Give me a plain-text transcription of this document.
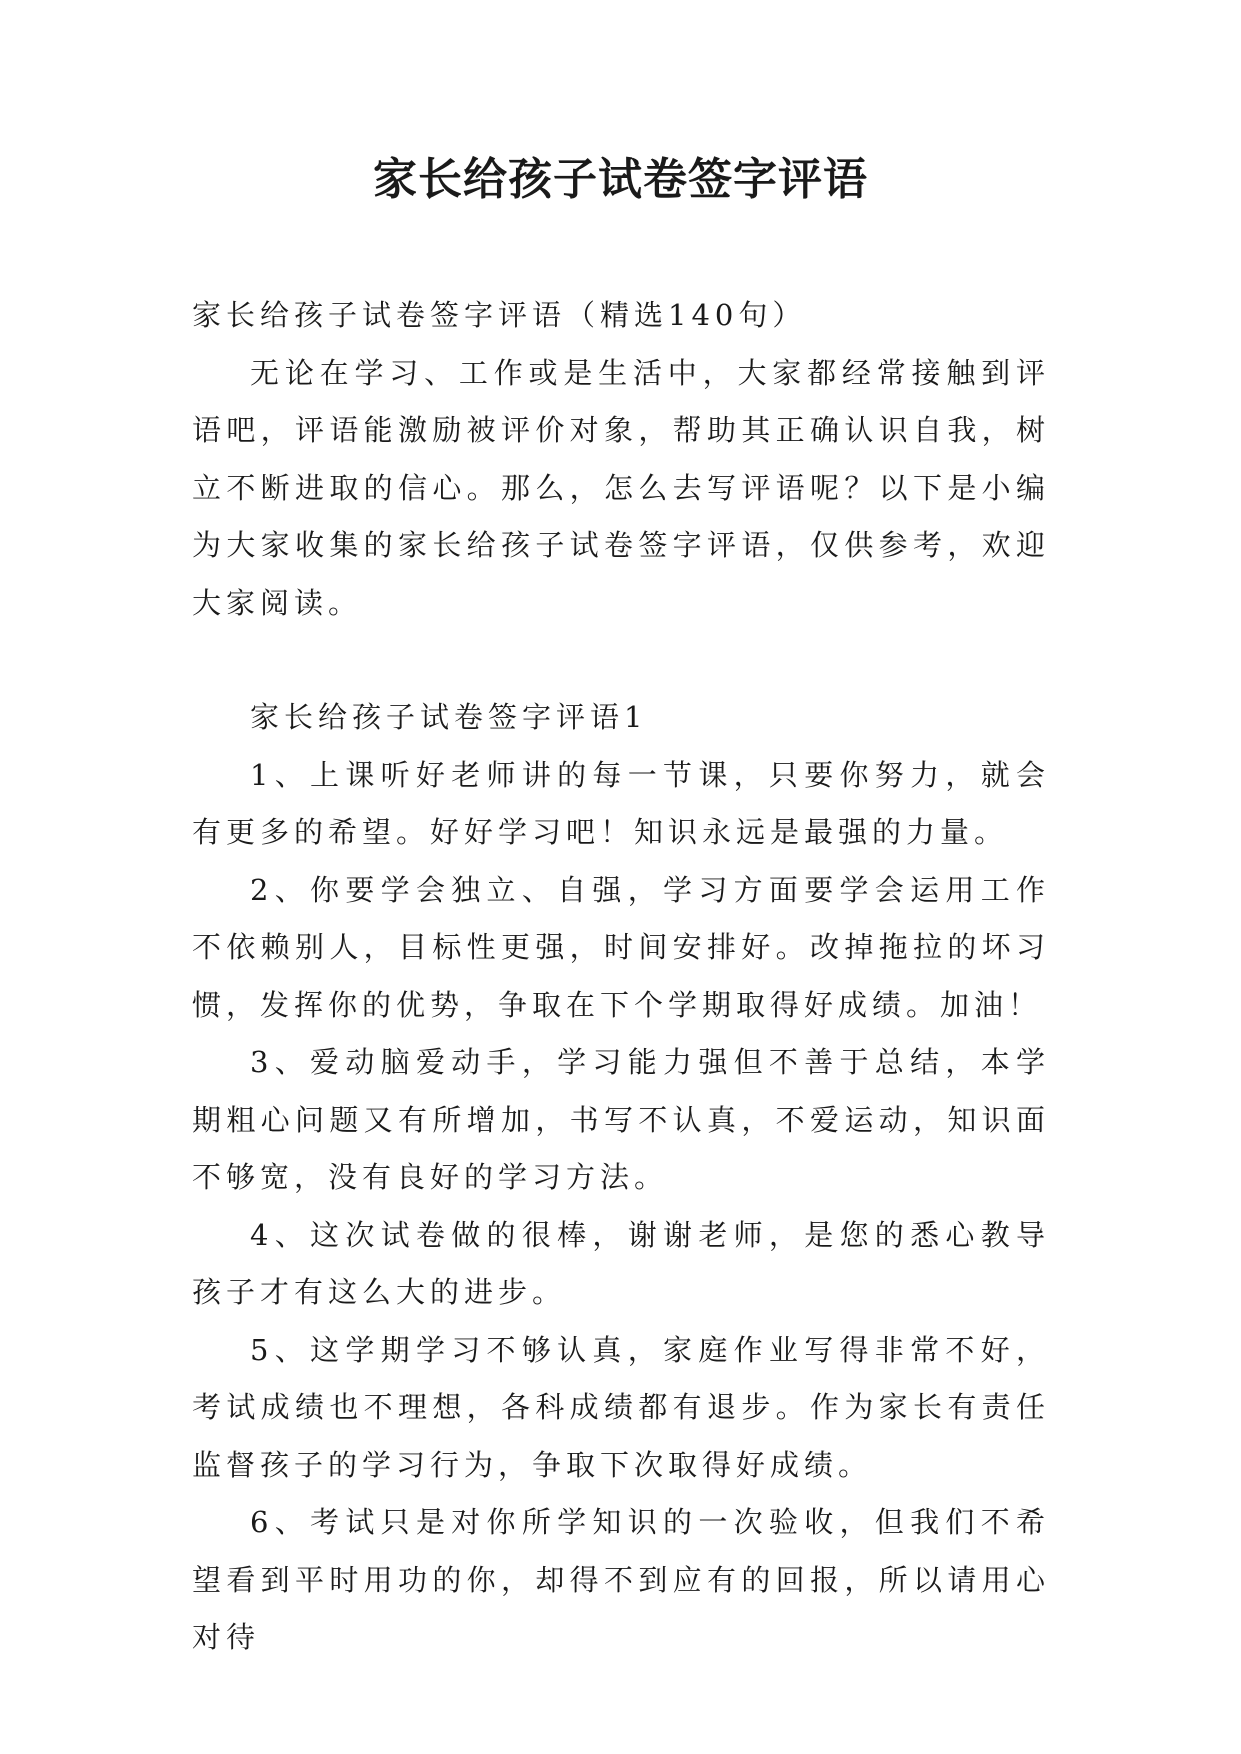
家长给孩子试卷签字评语

家长给孩子试卷签字评语（精选140句）

无论在学习、工作或是生活中，大家都经常接触到评语吧，评语能激励被评价对象，帮助其正确认识自我，树立不断进取的信心。那么，怎么去写评语呢？以下是小编为大家收集的家长给孩子试卷签字评语，仅供参考，欢迎大家阅读。

家长给孩子试卷签字评语1

1、上课听好老师讲的每一节课，只要你努力，就会有更多的希望。好好学习吧！知识永远是最强的力量。

2、你要学会独立、自强，学习方面要学会运用工作不依赖别人，目标性更强，时间安排好。改掉拖拉的坏习惯，发挥你的优势，争取在下个学期取得好成绩。加油！

3、爱动脑爱动手，学习能力强但不善于总结，本学期粗心问题又有所增加，书写不认真，不爱运动，知识面不够宽，没有良好的学习方法。

4、这次试卷做的很棒，谢谢老师，是您的悉心教导孩子才有这么大的进步。

5、这学期学习不够认真，家庭作业写得非常不好，考试成绩也不理想，各科成绩都有退步。作为家长有责任监督孩子的学习行为，争取下次取得好成绩。

6、考试只是对你所学知识的一次验收，但我们不希望看到平时用功的你，却得不到应有的回报，所以请用心对待
